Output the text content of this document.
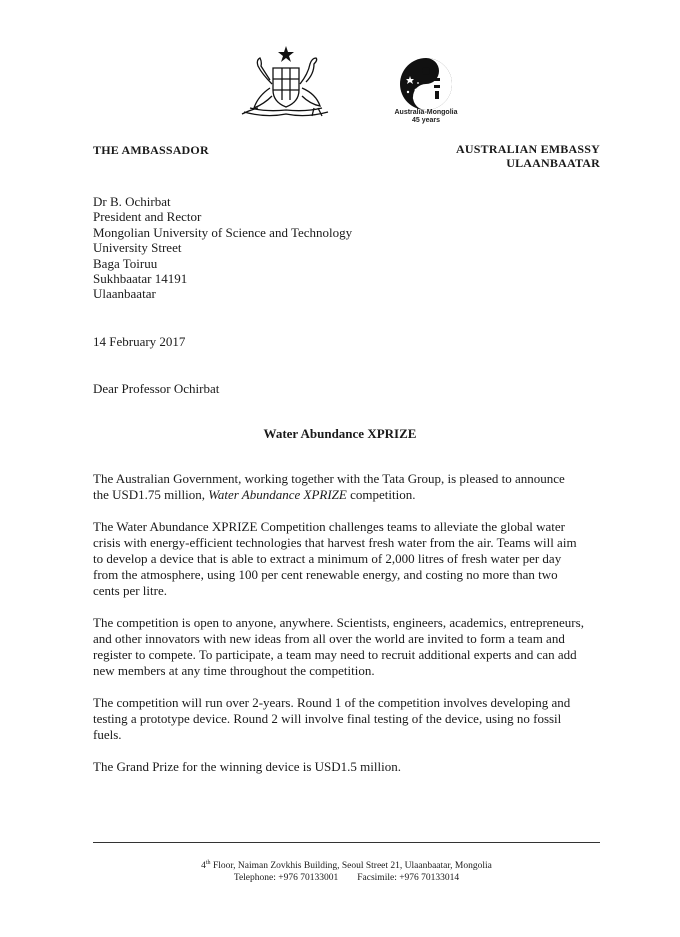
Australia-Mongolia
45 years
THE AMBASSADOR	AUSTRALIAN EMBASSY
ULAANBAATAR
Dr B. Ochirbat
President and Rector
Mongolian University of Science and Technology
University Street
Baga Toiruu
Sukhbaatar 14191
Ulaanbaatar
14 February 2017
Dear Professor Ochirbat
Water Abundance XPRIZE

The Australian Government, working together with the Tata Group, is pleased to announce
the USD1.75 million, Water Abundance XPRIZE competition.

The Water Abundance XPRIZE Competition challenges teams to alleviate the global water
crisis with energy-efficient technologies that harvest fresh water from the air. Teams will aim
to develop a device that is able to extract a minimum of 2,000 litres of fresh water per day
from the atmosphere, using 100 per cent renewable energy, and costing no more than two
cents per litre.

The competition is open to anyone, anywhere. Scientists, engineers, academics, entrepreneurs,
and other innovators with new ideas from all over the world are invited to form a team and
register to compete. To participate, a team may need to recruit additional experts and can add
new members at any time throughout the competition.

The competition will run over 2-years. Round 1 of the competition involves developing and
testing a prototype device. Round 2 will involve final testing of the device, using no fossil
fuels.

The Grand Prize for the winning device is USD1.5 million.

4th Floor, Naiman Zovkhis Building, Seoul Street 21, Ulaanbaatar, Mongolia
Telephone: +976 70133001 Facsimile: +976 70133014
